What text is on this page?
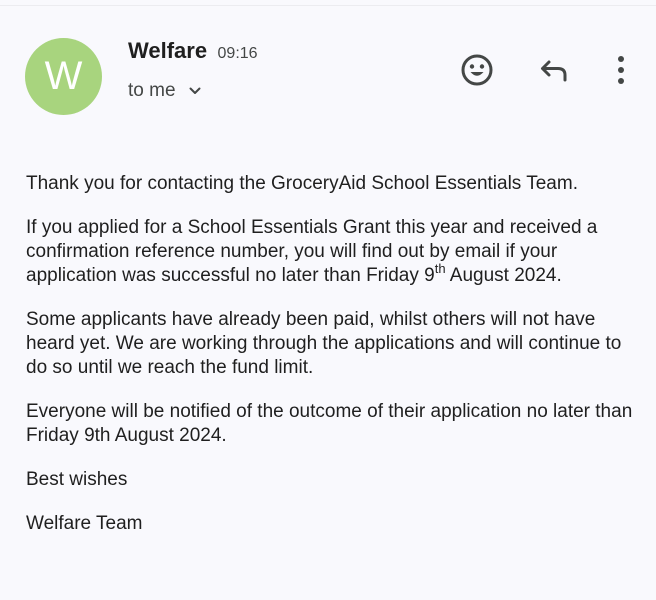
W
Welfare 09:16
to me

Thank you for contacting the GroceryAid School Essentials Team.

If you applied for a School Essentials Grant this year and received a confirmation reference number, you will find out by email if your application was successful no later than Friday 9th August 2024.

Some applicants have already been paid, whilst others will not have heard yet. We are working through the applications and will continue to do so until we reach the fund limit.

Everyone will be notified of the outcome of their application no later than Friday 9th August 2024.

Best wishes

Welfare Team
